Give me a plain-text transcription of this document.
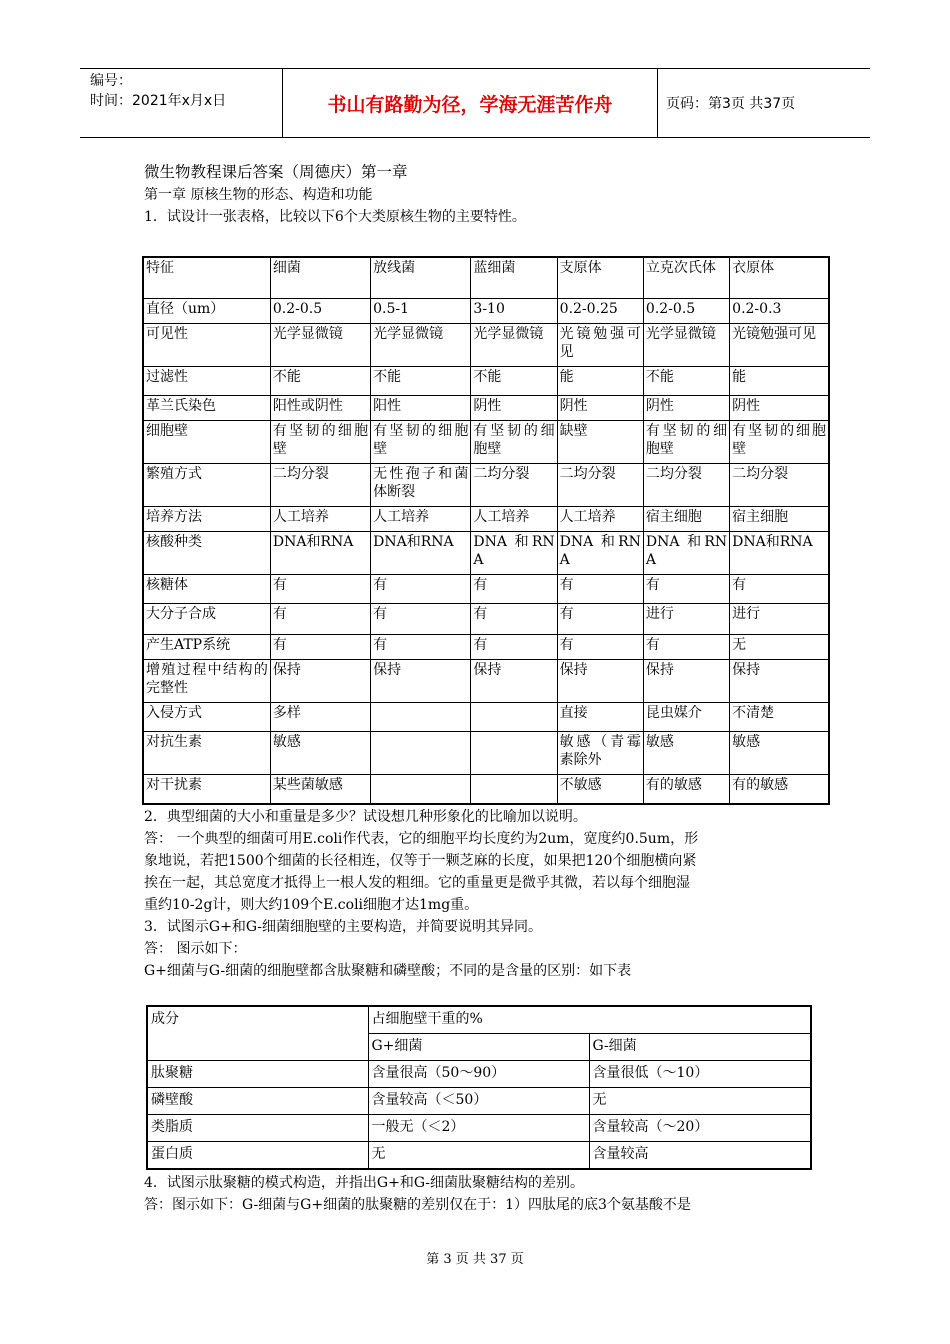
编号：
时间：2021年x月x日	书山有路勤为径，学海无涯苦作舟	页码：第3页 共37页

微生物教程课后答案（周德庆）第一章

第一章 原核生物的形态、构造和功能

1．试设计一张表格，比较以下6个大类原核生物的主要特性。

特征	细菌	放线菌	蓝细菌	支原体	立克次氏体	衣原体
直径（um）	0.2-0.5	0.5-1	3-10	0.2-0.25	0.2-0.5	0.2-0.3
可见性	光学显微镜	光学显微镜	光学显微镜	光镜勉强可见	光学显微镜	光镜勉强可见
过滤性	不能	不能	不能	能	不能	能
革兰氏染色	阳性或阴性	阳性	阴性	阴性	阴性	阴性
细胞壁	有坚韧的细胞壁	有坚韧的细胞壁	有坚韧的细胞壁	缺壁	有坚韧的细胞壁	有坚韧的细胞壁
繁殖方式	二均分裂	无性孢子和菌体断裂	二均分裂	二均分裂	二均分裂	二均分裂
培养方法	人工培养	人工培养	人工培养	人工培养	宿主细胞	宿主细胞
核酸种类	DNA和RNA	DNA和RNA	DNA 和RNA	DNA 和RNA	DNA 和RNA	DNA和RNA
核糖体	有	有	有	有	有	有
大分子合成	有	有	有	有	进行	进行
产生ATP系统	有	有	有	有	有	无
增殖过程中结构的完整性	保持	保持	保持	保持	保持	保持
入侵方式	多样			直接	昆虫媒介	不清楚
对抗生素	敏感			敏感（青霉素除外	敏感	敏感
对干扰素	某些菌敏感			不敏感	有的敏感	有的敏感
2．典型细菌的大小和重量是多少？试设想几种形象化的比喻加以说明。
答： 一个典型的细菌可用E.coli作代表，它的细胞平均长度约为2um，宽度约0.5um，形
象地说，若把1500个细菌的长径相连，仅等于一颗芝麻的长度，如果把120个细胞横向紧
挨在一起，其总宽度才抵得上一根人发的粗细。它的重量更是微乎其微，若以每个细胞湿
重约10-2g计，则大约109个E.coli细胞才达1mg重。
3．试图示G+和G-细菌细胞壁的主要构造，并简要说明其异同。
答： 图示如下：
G+细菌与G-细菌的细胞壁都含肽聚糖和磷壁酸；不同的是含量的区别：如下表
成分	占细胞壁干重的%	
	G+细菌	G-细菌
肽聚糖	含量很高（50～90）	含量很低（～10）
磷壁酸	含量较高（＜50）	无
类脂质	一般无（＜2）	含量较高（～20）
蛋白质	无	含量较高
4．试图示肽聚糖的模式构造，并指出G+和G-细菌肽聚糖结构的差别。
答：图示如下：G-细菌与G+细菌的肽聚糖的差别仅在于：1）四肽尾的底3个氨基酸不是
第 3 页 共 37 页
